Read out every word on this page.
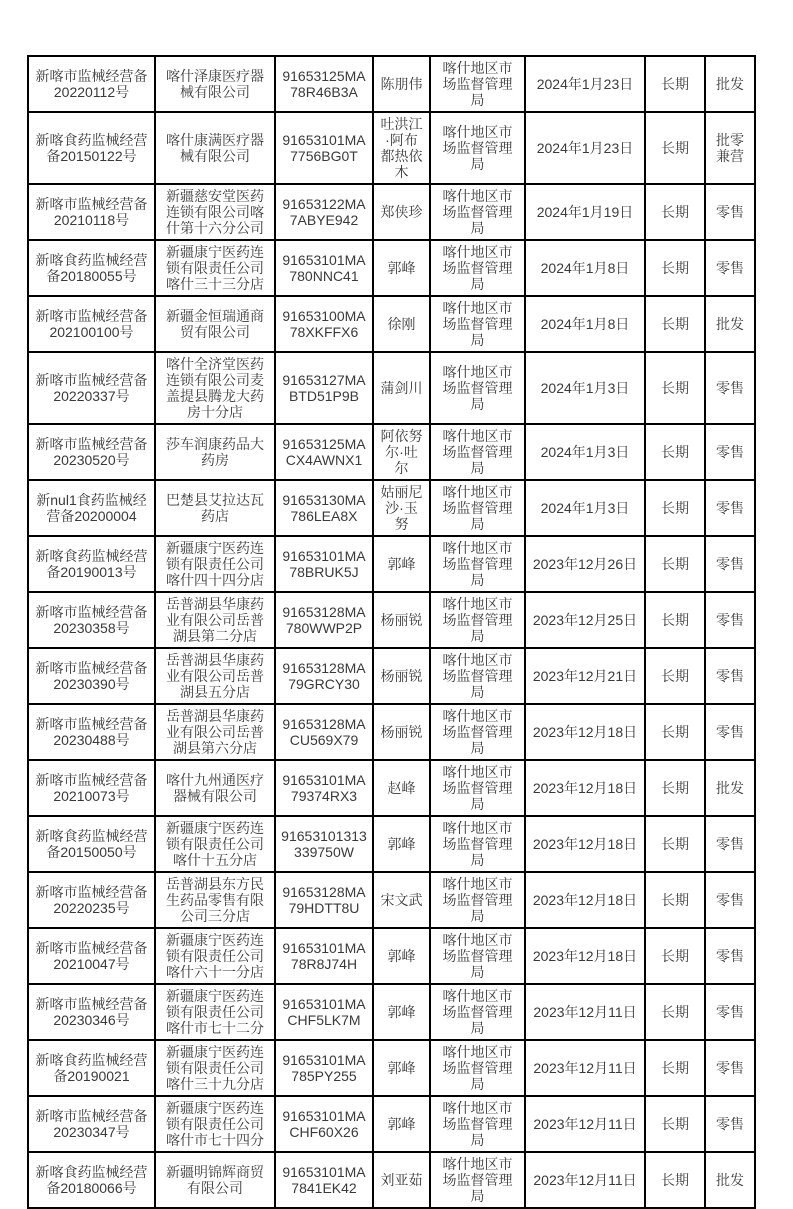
新喀市监械经营备20220112号	喀什泽康医疗器械有限公司	91653125MA78R46B3A	陈朋伟	喀什地区市场监督管理局	2024年1月23日	长期	批发
新喀食药监械经营备20150122号	喀什康满医疗器械有限公司	91653101MA7756BG0T	吐洪江·阿布都热依木	喀什地区市场监督管理局	2024年1月23日	长期	批零兼营
新喀市监械经营备20210118号	新疆慈安堂医药连锁有限公司喀什第十六分公司	91653122MA7ABYE942	郑侠珍	喀什地区市场监督管理局	2024年1月19日	长期	零售
新喀食药监械经营备20180055号	新疆康宁医药连锁有限责任公司喀什三十三分店	91653101MA780NNC41	郭峰	喀什地区市场监督管理局	2024年1月8日	长期	零售
新喀市监械经营备202100100号	新疆金恒瑞通商贸有限公司	91653100MA78XKFFX6	徐刚	喀什地区市场监督管理局	2024年1月8日	长期	批发
新喀市监械经营备20220337号	喀什全济堂医药连锁有限公司麦盖提县腾龙大药房十分店	91653127MABTD51P9B	蒲剑川	喀什地区市场监督管理局	2024年1月3日	长期	零售
新喀市监械经营备20230520号	莎车润康药品大药房	91653125MACX4AWNX1	阿依努尔·吐尔	喀什地区市场监督管理局	2024年1月3日	长期	零售
新nul1食药监械经营备20200004	巴楚县艾拉达瓦药店	91653130MA786LEA8X	姑丽尼沙·玉努	喀什地区市场监督管理局	2024年1月3日	长期	零售
新喀食药监械经营备20190013号	新疆康宁医药连锁有限责任公司喀什四十四分店	91653101MA78BRUK5J	郭峰	喀什地区市场监督管理局	2023年12月26日	长期	零售
新喀市监械经营备20230358号	岳普湖县华康药业有限公司岳普湖县第二分店	91653128MA780WWP2P	杨丽锐	喀什地区市场监督管理局	2023年12月25日	长期	零售
新喀市监械经营备20230390号	岳普湖县华康药业有限公司岳普湖县五分店	91653128MA79GRCY30	杨丽锐	喀什地区市场监督管理局	2023年12月21日	长期	零售
新喀市监械经营备20230488号	岳普湖县华康药业有限公司岳普湖县第六分店	91653128MACU569X79	杨丽锐	喀什地区市场监督管理局	2023年12月18日	长期	零售
新喀市监械经营备20210073号	喀什九州通医疗器械有限公司	91653101MA79374RX3	赵峰	喀什地区市场监督管理局	2023年12月18日	长期	批发
新喀食药监械经营备20150050号	新疆康宁医药连锁有限责任公司喀什十五分店	91653101313339750W	郭峰	喀什地区市场监督管理局	2023年12月18日	长期	零售
新喀市监械经营备20220235号	岳普湖县东方民生药品零售有限公司三分店	91653128MA79HDTT8U	宋文武	喀什地区市场监督管理局	2023年12月18日	长期	零售
新喀市监械经营备20210047号	新疆康宁医药连锁有限责任公司喀什六十一分店	91653101MA78R8J74H	郭峰	喀什地区市场监督管理局	2023年12月18日	长期	零售
新喀市监械经营备20230346号	新疆康宁医药连锁有限责任公司喀什市七十二分	91653101MACHF5LK7M	郭峰	喀什地区市场监督管理局	2023年12月11日	长期	零售
新喀食药监械经营备20190021	新疆康宁医药连锁有限责任公司喀什三十九分店	91653101MA785PY255	郭峰	喀什地区市场监督管理局	2023年12月11日	长期	零售
新喀市监械经营备20230347号	新疆康宁医药连锁有限责任公司喀什市七十四分	91653101MACHF60X26	郭峰	喀什地区市场监督管理局	2023年12月11日	长期	零售
新喀食药监械经营备20180066号	新疆明锦辉商贸有限公司	91653101MA7841EK42	刘亚茹	喀什地区市场监督管理局	2023年12月11日	长期	批发
